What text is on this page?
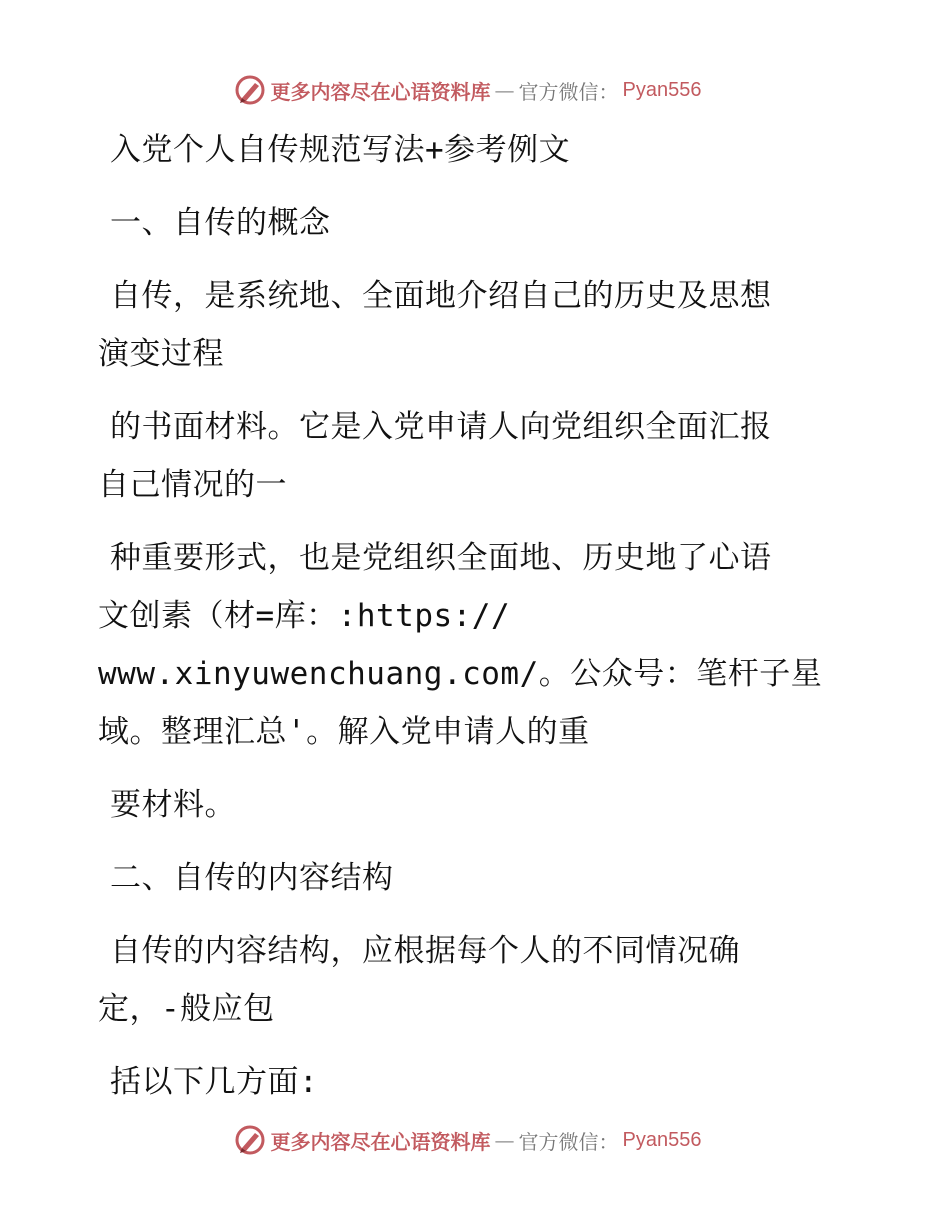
更多内容尽在心语资料库 — 官方微信： Pyan556
入党个人自传规范写法+参考例文
一、自传的概念
自传，是系统地、全面地介绍自己的历史及思想
演变过程
的书面材料。它是入党申请人向党组织全面汇报
自己情况的一
种重要形式，也是党组织全面地、历史地了心语
文创素（材=库：:https://
www.xinyuwenchuang.com/。公众号：笔杆子星
域。整理汇总'。解入党申请人的重
要材料。
二、自传的内容结构
自传的内容结构，应根据每个人的不同情况确
定，-般应包
括以下几方面:
更多内容尽在心语资料库 — 官方微信： Pyan556
